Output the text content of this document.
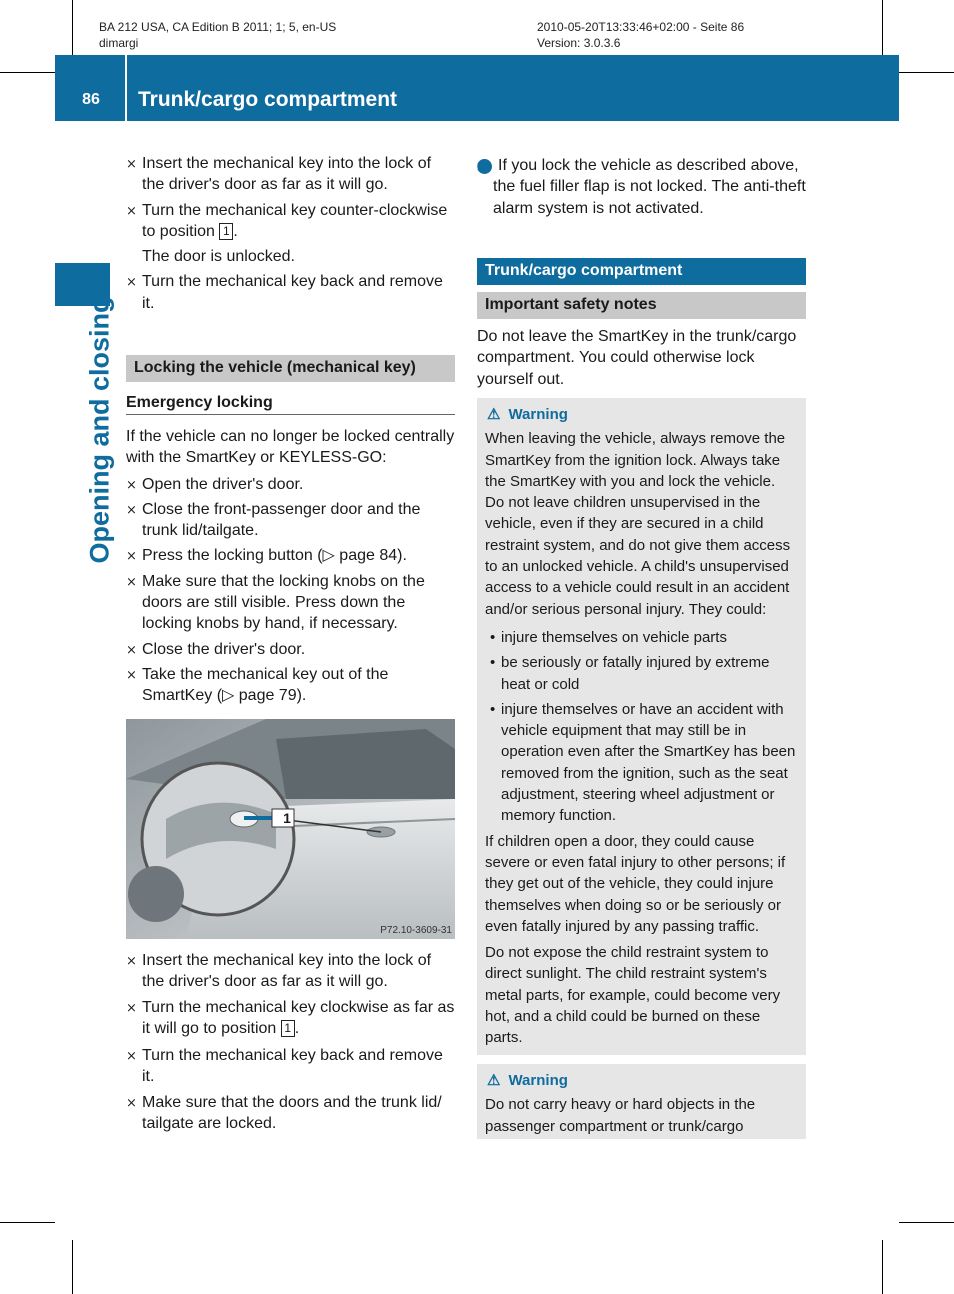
BA 212 USA, CA Edition B 2011; 1; 5, en-US
dimargi
2010-05-20T13:33:46+02:00 - Seite 86
Version: 3.0.3.6
86	Trunk/cargo compartment
Opening and closing
⨯ Insert the mechanical key into the lock of the driver's door as far as it will go.
⨯ Turn the mechanical key counter-clockwise to position 1 .
The door is unlocked.
⨯ Turn the mechanical key back and remove it.
Locking the vehicle (mechanical key)
Emergency locking
If the vehicle can no longer be locked centrally with the SmartKey or KEYLESS-GO:
⨯ Open the driver's door.
⨯ Close the front-passenger door and the trunk lid/tailgate.
⨯ Press the locking button (▷ page 84).
⨯ Make sure that the locking knobs on the doors are still visible. Press down the locking knobs by hand, if necessary.
⨯ Close the driver's door.
⨯ Take the mechanical key out of the SmartKey (▷ page 79).
1
P72.10-3609-31
⨯ Insert the mechanical key into the lock of the driver's door as far as it will go.
⨯ Turn the mechanical key clockwise as far as it will go to position 1 .
⨯ Turn the mechanical key back and remove it.
⨯ Make sure that the doors and the trunk lid/ tailgate are locked.
i If you lock the vehicle as described above, the fuel filler flap is not locked. The anti-theft alarm system is not activated.
Trunk/cargo compartment
Important safety notes
Do not leave the SmartKey in the trunk/cargo compartment. You could otherwise lock yourself out.
⚠ Warning
When leaving the vehicle, always remove the SmartKey from the ignition lock. Always take the SmartKey with you and lock the vehicle. Do not leave children unsupervised in the vehicle, even if they are secured in a child restraint system, and do not give them access to an unlocked vehicle. A child's unsupervised access to a vehicle could result in an accident and/or serious personal injury. They could:
• injure themselves on vehicle parts
• be seriously or fatally injured by extreme heat or cold
• injure themselves or have an accident with vehicle equipment that may still be in operation even after the SmartKey has been removed from the ignition, such as the seat adjustment, steering wheel adjustment or memory function.
If children open a door, they could cause severe or even fatal injury to other persons; if they get out of the vehicle, they could injure themselves when doing so or be seriously or even fatally injured by any passing traffic.
Do not expose the child restraint system to direct sunlight. The child restraint system's metal parts, for example, could become very hot, and a child could be burned on these parts.
⚠ Warning
Do not carry heavy or hard objects in the passenger compartment or trunk/cargo
